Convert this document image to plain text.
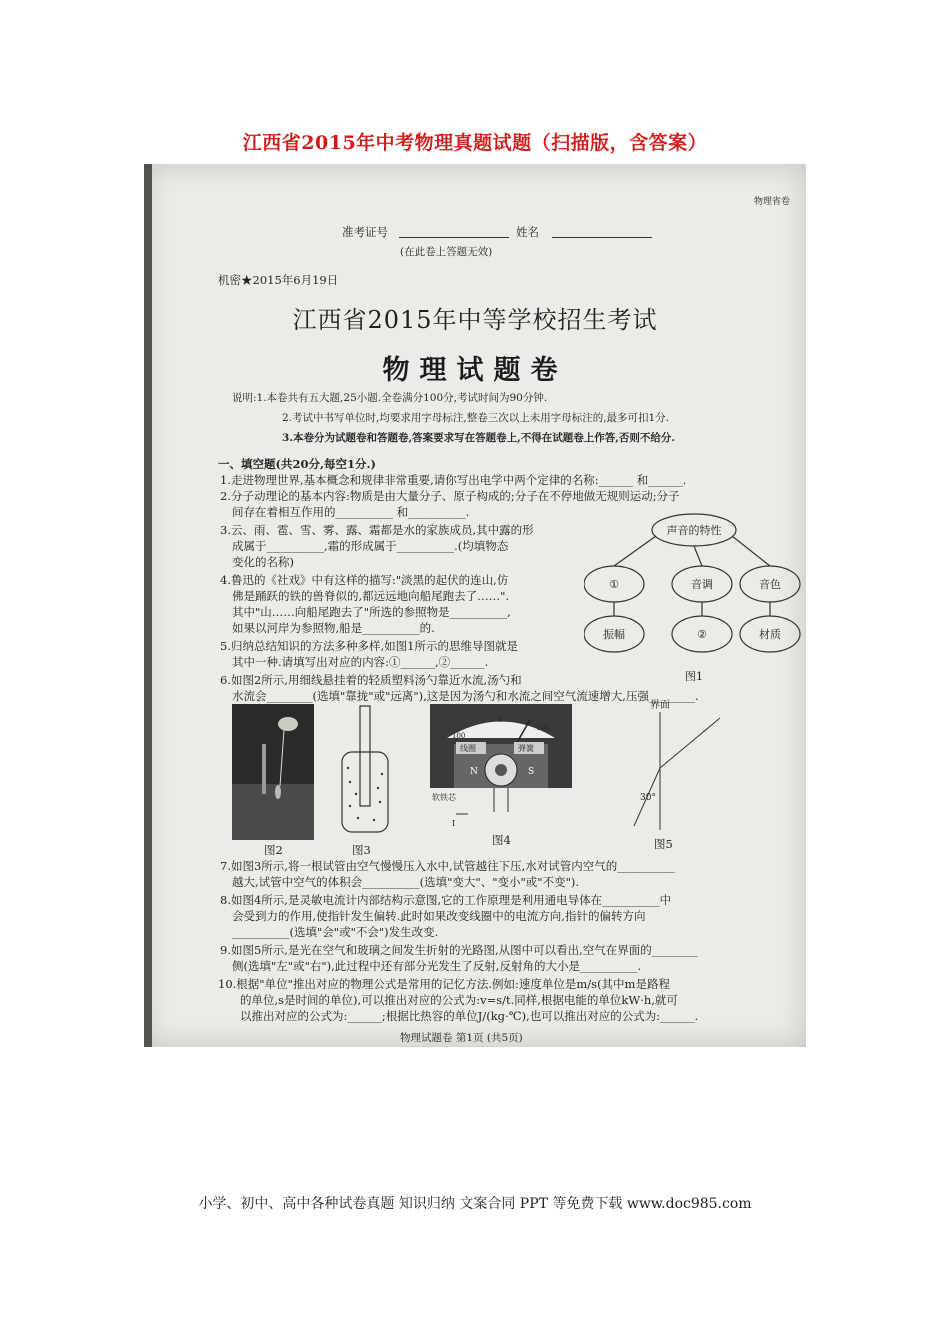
江西省2015年中考物理真题试题（扫描版，含答案）
物理省卷
准考证号	姓名
(在此卷上答题无效)
机密★2015年6月19日
江西省2015年中等学校招生考试
物理试题卷
说明:1.本卷共有五大题,25小题.全卷满分100分,考试时间为90分钟.
2.考试中书写单位时,均要求用字母标注,整卷三次以上未用字母标注的,最多可扣1分.
3.本卷分为试题卷和答题卷,答案要求写在答题卷上,不得在试题卷上作答,否则不给分.
一、填空题(共20分,每空1分.)
1.走进物理世界,基本概念和规律非常重要,请你写出电学中两个定律的名称:______ 和______.
2.分子动理论的基本内容:物质是由大量分子、原子构成的;分子在不停地做无规则运动;分子
间存在着相互作用的__________ 和__________.
3.云、雨、雹、雪、雾、露、霜都是水的家族成员,其中露的形
成属于__________,霜的形成属于__________.(均填物态
变化的名称)
4.鲁迅的《社戏》中有这样的描写:"淡黑的起伏的连山,仿
佛是踊跃的铁的兽脊似的,都远远地向船尾跑去了……".
其中"山……向船尾跑去了"所选的参照物是__________,
如果以河岸为参照物,船是__________的.
5.归纳总结知识的方法多种多样,如图1所示的思维导图就是
其中一种.请填写出对应的内容:①______,②______.
6.如图2所示,用细线悬挂着的轻质塑料汤勺靠近水流,汤勺和
水流会________(选填"靠拢"或"远离"),这是因为汤勺和水流之间空气流速增大,压强________.
声音的特性
①	音调	音色
振幅	②	材质
图1
图2	图3
100
0
100
线圈	弹簧
N	S
软铁芯
I
图4
界面
30°
图5
7.如图3所示,将一根试管由空气慢慢压入水中,试管越往下压,水对试管内空气的__________
越大,试管中空气的体积会__________(选填"变大"、"变小"或"不变").
8.如图4所示,是灵敏电流计内部结构示意图,它的工作原理是利用通电导体在__________中
会受到力的作用,使指针发生偏转.此时如果改变线圈中的电流方向,指针的偏转方向
__________(选填"会"或"不会")发生改变.
9.如图5所示,是光在空气和玻璃之间发生折射的光路图,从图中可以看出,空气在界面的________
侧(选填"左"或"右"),此过程中还有部分光发生了反射,反射角的大小是__________.
10.根据"单位"推出对应的物理公式是常用的记忆方法.例如:速度单位是m/s(其中m是路程
的单位,s是时间的单位),可以推出对应的公式为:v=s/t.同样,根据电能的单位kW·h,就可
以推出对应的公式为:______;根据比热容的单位J/(kg·℃),也可以推出对应的公式为:______.
物理试题卷 第1页 (共5页)
小学、初中、高中各种试卷真题 知识归纳 文案合同 PPT 等免费下载 www.doc985.com
